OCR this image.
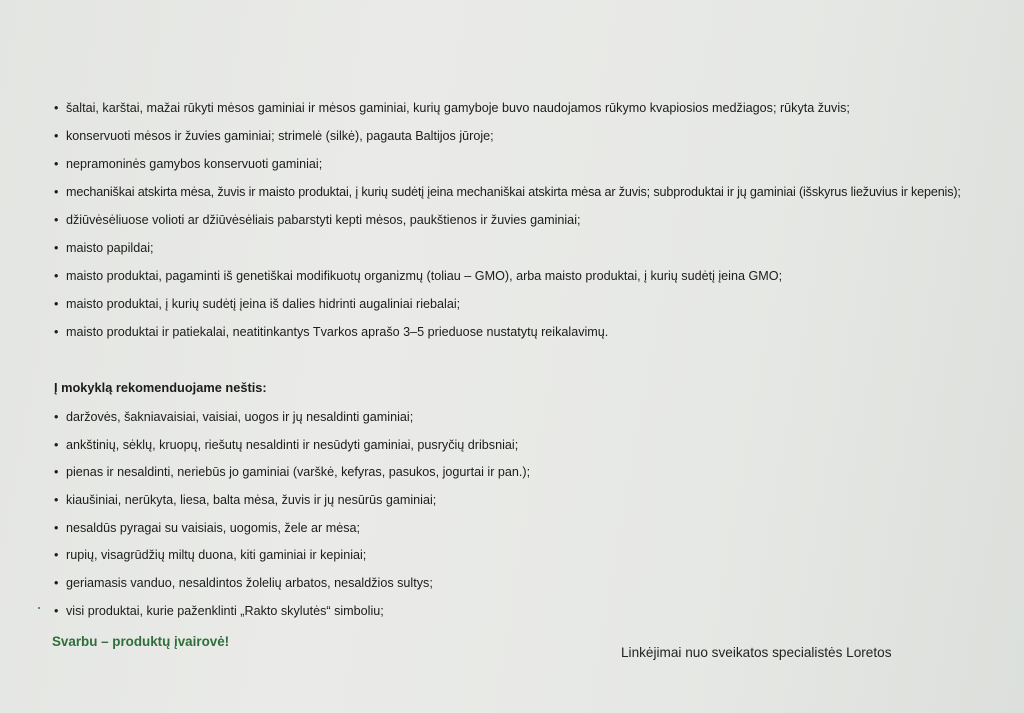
• šaltai, karštai, mažai rūkyti mėsos gaminiai ir mėsos gaminiai, kurių gamyboje buvo naudojamos rūkymo kvapiosios medžiagos; rūkyta žuvis;
• konservuoti mėsos ir žuvies gaminiai; strimelė (silkė), pagauta Baltijos jūroje;
• nepramoninės gamybos konservuoti gaminiai;
• mechaniškai atskirta mėsa, žuvis ir maisto produktai, į kurių sudėtį įeina mechaniškai atskirta mėsa ar žuvis; subproduktai ir jų gaminiai (išskyrus liežuvius ir kepenis);
• džiūvėsėliuose volioti ar džiūvėsėliais pabarstyti kepti mėsos, paukštienos ir žuvies gaminiai;
• maisto papildai;
• maisto produktai, pagaminti iš genetiškai modifikuotų organizmų (toliau – GMO), arba maisto produktai, į kurių sudėtį įeina GMO;
• maisto produktai, į kurių sudėtį įeina iš dalies hidrinti augaliniai riebalai;
• maisto produktai ir patiekalai, neatitinkantys Tvarkos aprašo 3–5 prieduose nustatytų reikalavimų.
Į mokyklą rekomenduojame neštis:
• daržovės, šakniavaisiai, vaisiai, uogos ir jų nesaldinti gaminiai;
• ankštinių, sėklų, kruopų, riešutų nesaldinti ir nesūdyti gaminiai, pusryčių dribsniai;
• pienas ir nesaldinti, neriebūs jo gaminiai (varškė, kefyras, pasukos, jogurtai ir pan.);
• kiaušiniai, nerūkyta, liesa, balta mėsa, žuvis ir jų nesūrūs gaminiai;
• nesaldūs pyragai su vaisiais, uogomis, žele ar mėsa;
• rupių, visagrūdžių miltų duona, kiti gaminiai ir kepiniai;
• geriamasis vanduo, nesaldintos žolelių arbatos, nesaldžios sultys;
• visi produktai, kurie paženklinti „Rakto skylutės“ simboliu;

Svarbu – produktų įvairovė!

Linkėjimai nuo sveikatos specialistės Loretos
